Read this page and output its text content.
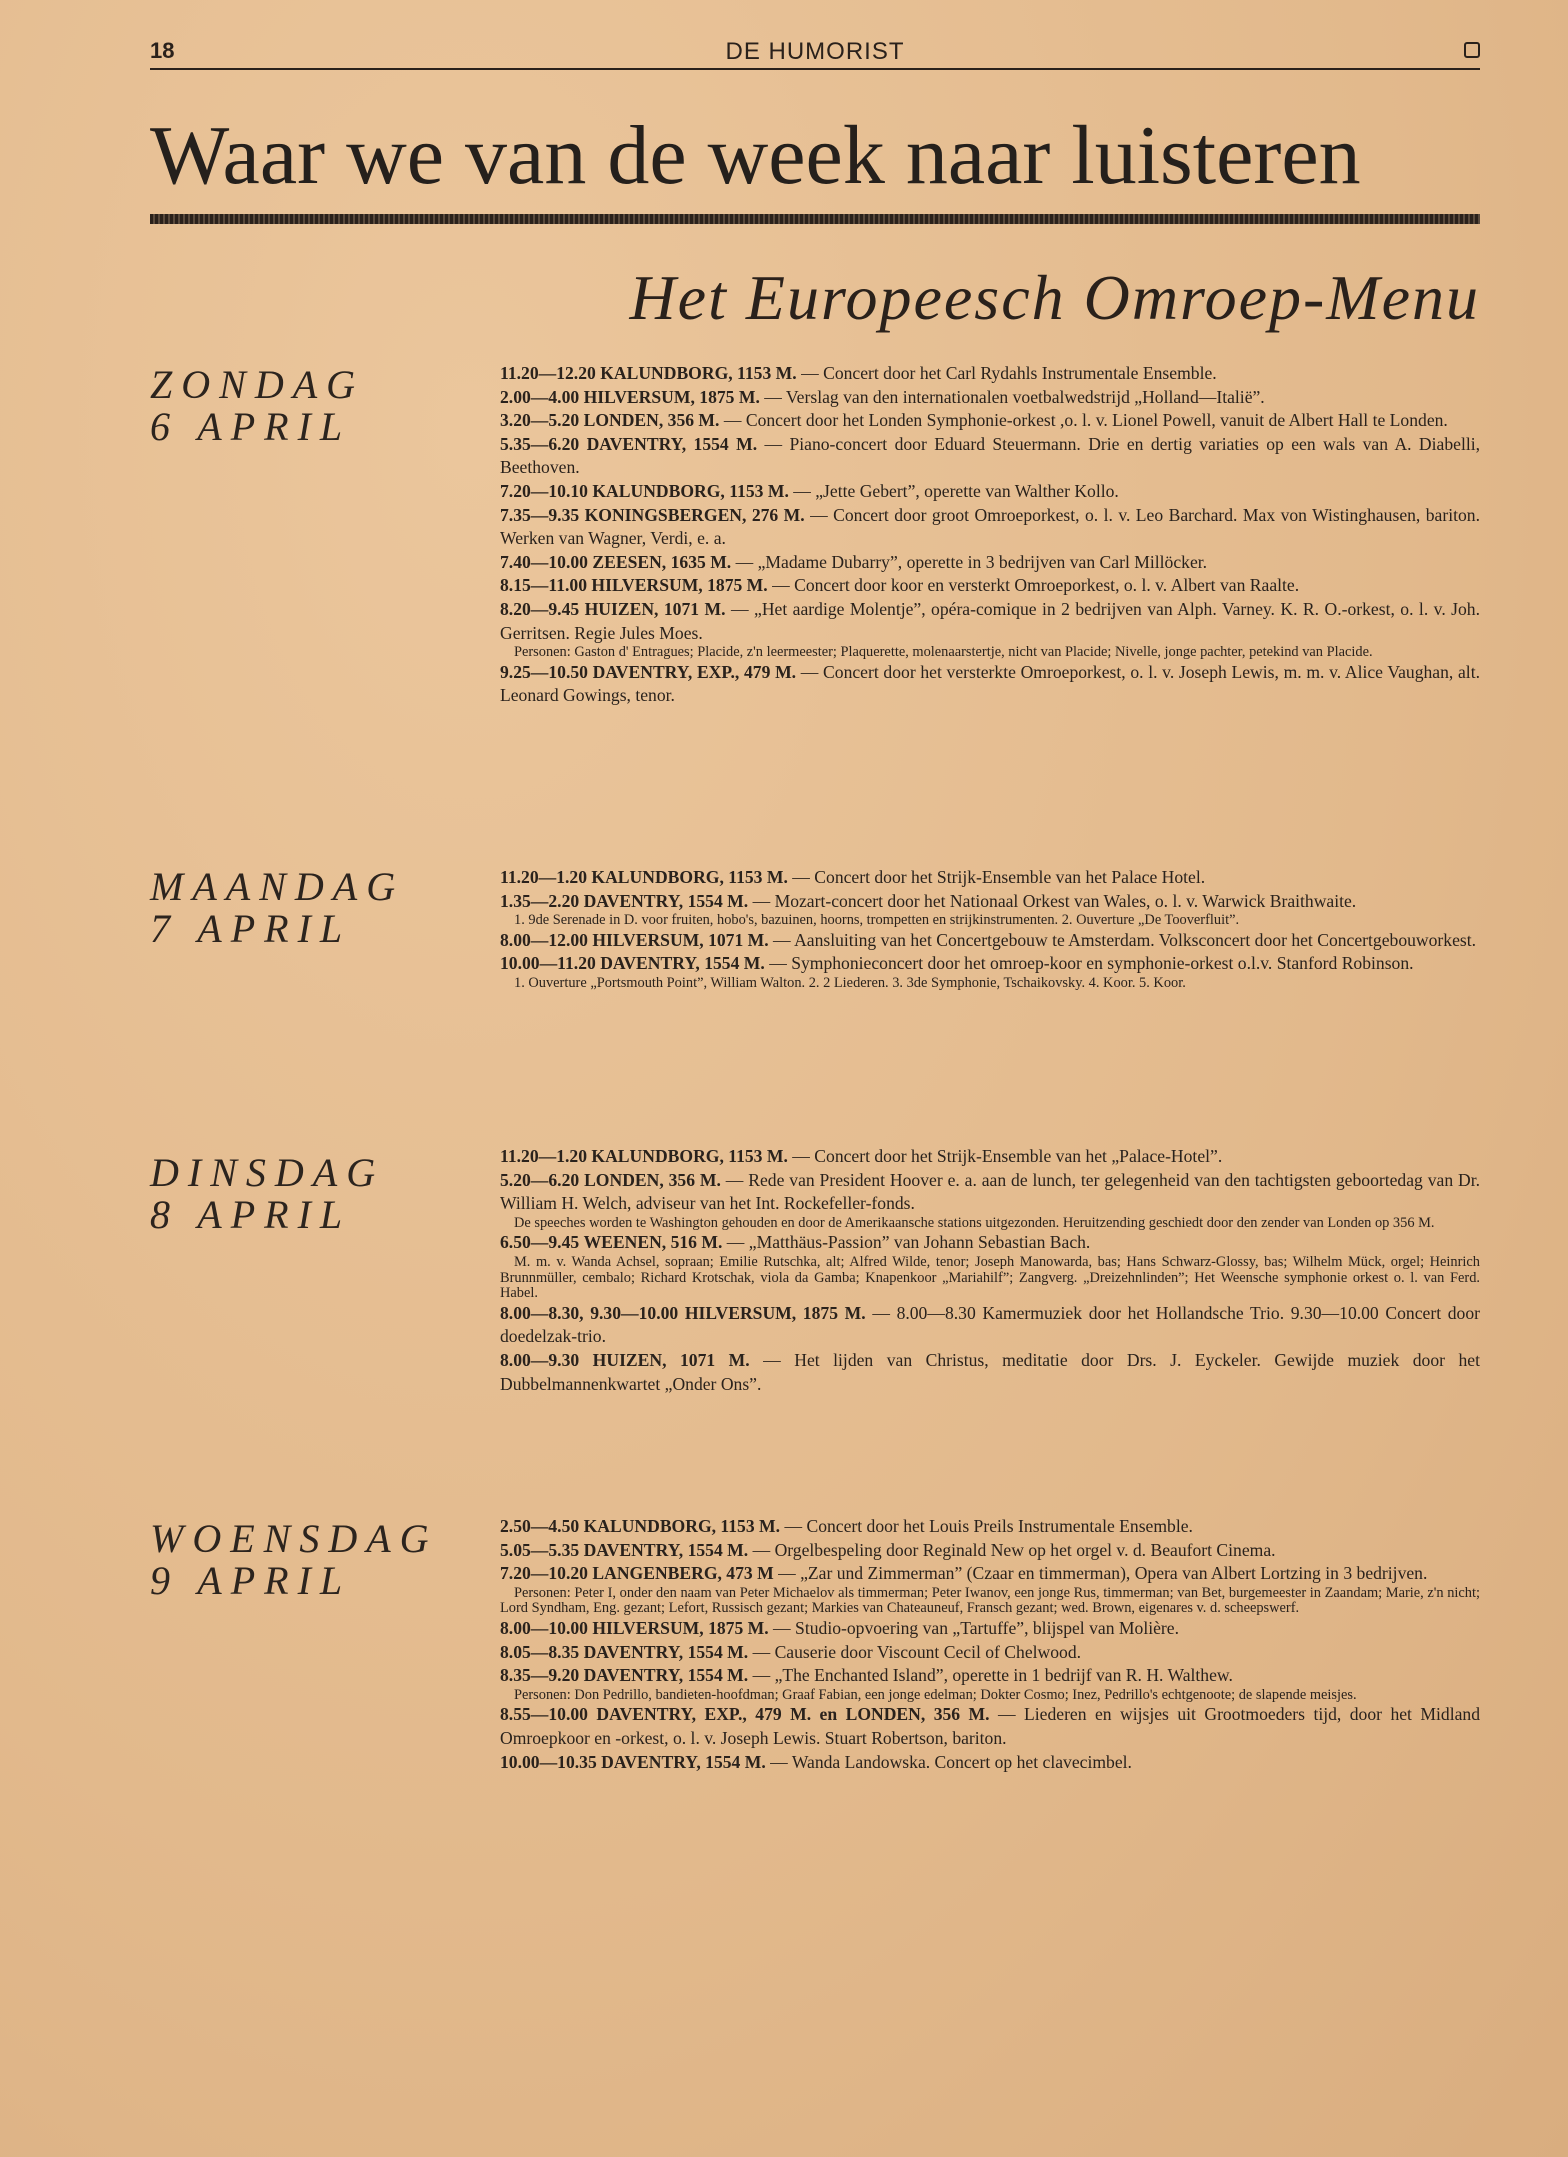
18	DE HUMORIST
Waar we van de week naar luisteren
Het Europeesch Omroep-Menu
ZONDAG
6 APRIL

11.20—12.20 KALUNDBORG, 1153 M. — Concert door het Carl Rydahls Instrumentale Ensemble.

2.00—4.00 HILVERSUM, 1875 M. — Verslag van den internationalen voetbalwedstrijd „Holland—Italië”.

3.20—5.20 LONDEN, 356 M. — Concert door het Londen Symphonie-orkest ,o. l. v. Lionel Powell, vanuit de Albert Hall te Londen.

5.35—6.20 DAVENTRY, 1554 M. — Piano-concert door Eduard Steuermann. Drie en dertig variaties op een wals van A. Diabelli, Beethoven.

7.20—10.10 KALUNDBORG, 1153 M. — „Jette Gebert”, operette van Walther Kollo.

7.35—9.35 KONINGSBERGEN, 276 M. — Concert door groot Omroeporkest, o. l. v. Leo Barchard. Max von Wistinghausen, bariton. Werken van Wagner, Verdi, e. a.

7.40—10.00 ZEESEN, 1635 M. — „Madame Dubarry”, operette in 3 bedrijven van Carl Millöcker.

8.15—11.00 HILVERSUM, 1875 M. — Concert door koor en versterkt Omroeporkest, o. l. v. Albert van Raalte.

8.20—9.45 HUIZEN, 1071 M. — „Het aardige Molentje”, opéra-comique in 2 bedrijven van Alph. Varney. K. R. O.-orkest, o. l. v. Joh. Gerritsen. Regie Jules Moes.

Personen: Gaston d' Entragues; Placide, z'n leermeester; Plaquerette, molenaarstertje, nicht van Placide; Nivelle, jonge pachter, petekind van Placide.

9.25—10.50 DAVENTRY, EXP., 479 M. — Concert door het versterkte Omroeporkest, o. l. v. Joseph Lewis, m. m. v. Alice Vaughan, alt. Leonard Gowings, tenor.

MAANDAG
7 APRIL

11.20—1.20 KALUNDBORG, 1153 M. — Concert door het Strijk-Ensemble van het Palace Hotel.

1.35—2.20 DAVENTRY, 1554 M. — Mozart-concert door het Nationaal Orkest van Wales, o. l. v. Warwick Braithwaite.

1. 9de Serenade in D. voor fruiten, hobo's, bazuinen, hoorns, trompetten en strijkinstrumenten. 2. Ouverture „De Tooverfluit”.

8.00—12.00 HILVERSUM, 1071 M. — Aansluiting van het Concertgebouw te Amsterdam. Volksconcert door het Concertgebouworkest.

10.00—11.20 DAVENTRY, 1554 M. — Symphonieconcert door het omroep-koor en symphonie-orkest o.l.v. Stanford Robinson.

1. Ouverture „Portsmouth Point”, William Walton. 2. 2 Liederen. 3. 3de Symphonie, Tschaikovsky. 4. Koor. 5. Koor.

DINSDAG
8 APRIL

11.20—1.20 KALUNDBORG, 1153 M. — Concert door het Strijk-Ensemble van het „Palace-Hotel”.

5.20—6.20 LONDEN, 356 M. — Rede van President Hoover e. a. aan de lunch, ter gelegenheid van den tachtigsten geboortedag van Dr. William H. Welch, adviseur van het Int. Rockefeller-fonds.

De speeches worden te Washington gehouden en door de Amerikaansche stations uitgezonden. Heruitzending geschiedt door den zender van Londen op 356 M.

6.50—9.45 WEENEN, 516 M. — „Matthäus-Passion” van Johann Sebastian Bach.

M. m. v. Wanda Achsel, sopraan; Emilie Rutschka, alt; Alfred Wilde, tenor; Joseph Manowarda, bas; Hans Schwarz-Glossy, bas; Wilhelm Mück, orgel; Heinrich Brunnmüller, cembalo; Richard Krotschak, viola da Gamba; Knapenkoor „Mariahilf”; Zangverg. „Dreizehnlinden”; Het Weensche symphonie orkest o. l. van Ferd. Habel.

8.00—8.30, 9.30—10.00 HILVERSUM, 1875 M. — 8.00—8.30 Kamermuziek door het Hollandsche Trio. 9.30—10.00 Concert door doedelzak-trio.

8.00—9.30 HUIZEN, 1071 M. — Het lijden van Christus, meditatie door Drs. J. Eyckeler. Gewijde muziek door het Dubbelmannenkwartet „Onder Ons”.

WOENSDAG
9 APRIL

2.50—4.50 KALUNDBORG, 1153 M. — Concert door het Louis Preils Instrumentale Ensemble.

5.05—5.35 DAVENTRY, 1554 M. — Orgelbespeling door Reginald New op het orgel v. d. Beaufort Cinema.

7.20—10.20 LANGENBERG, 473 M — „Zar und Zimmerman” (Czaar en timmerman), Opera van Albert Lortzing in 3 bedrijven.

Personen: Peter I, onder den naam van Peter Michaelov als timmerman; Peter Iwanov, een jonge Rus, timmerman; van Bet, burgemeester in Zaandam; Marie, z'n nicht; Lord Syndham, Eng. gezant; Lefort, Russisch gezant; Markies van Chateauneuf, Fransch gezant; wed. Brown, eigenares v. d. scheepswerf.

8.00—10.00 HILVERSUM, 1875 M. — Studio-opvoering van „Tartuffe”, blijspel van Molière.

8.05—8.35 DAVENTRY, 1554 M. — Causerie door Viscount Cecil of Chelwood.

8.35—9.20 DAVENTRY, 1554 M. — „The Enchanted Island”, operette in 1 bedrijf van R. H. Walthew.

Personen: Don Pedrillo, bandieten-hoofdman; Graaf Fabian, een jonge edelman; Dokter Cosmo; Inez, Pedrillo's echtgenoote; de slapende meisjes.

8.55—10.00 DAVENTRY, EXP., 479 M. en LONDEN, 356 M. — Liederen en wijsjes uit Grootmoeders tijd, door het Midland Omroepkoor en -orkest, o. l. v. Joseph Lewis. Stuart Robertson, bariton.

10.00—10.35 DAVENTRY, 1554 M. — Wanda Landowska. Concert op het clavecimbel.
